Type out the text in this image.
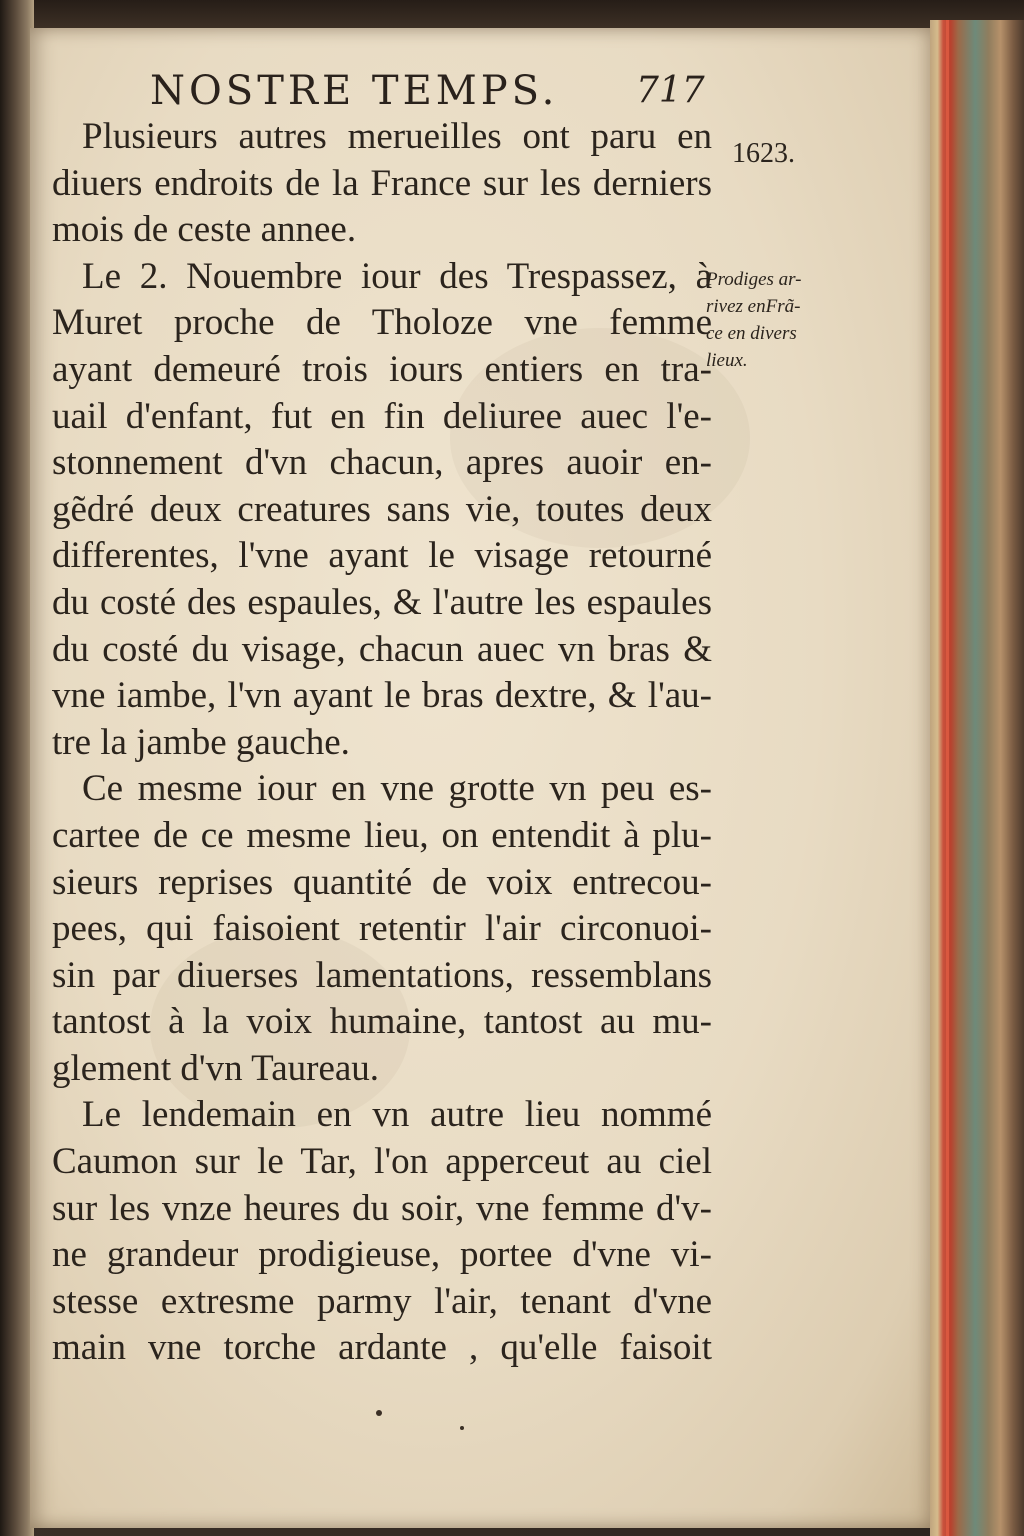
NOSTRE TEMPS. 717
1623.
Prodiges ar-
rivez enFrã-
ce en divers
lieux.
Plusieurs autres merueilles ont paru en
diuers endroits de la France sur les derniers
mois de ceste annee.
Le 2. Nouembre iour des Trespassez, à
Muret proche de Tholoze vne femme
ayant demeuré trois iours entiers en tra-
uail d'enfant, fut en fin deliuree auec l'e-
stonnement d'vn chacun, apres auoir en-
gẽdré deux creatures sans vie, toutes deux
differentes, l'vne ayant le visage retourné
du costé des espaules, & l'autre les espaules
du costé du visage, chacun auec vn bras &
vne iambe, l'vn ayant le bras dextre, & l'au-
tre la jambe gauche.
Ce mesme iour en vne grotte vn peu es-
cartee de ce mesme lieu, on entendit à plu-
sieurs reprises quantité de voix entrecou-
pees, qui faisoient retentir l'air circonuoi-
sin par diuerses lamentations, ressemblans
tantost à la voix humaine, tantost au mu-
glement d'vn Taureau.
Le lendemain en vn autre lieu nommé
Caumon sur le Tar, l'on apperceut au ciel
sur les vnze heures du soir, vne femme d'v-
ne grandeur prodigieuse, portee d'vne vi-
stesse extresme parmy l'air, tenant d'vne
main vne torche ardante , qu'elle faisoit
